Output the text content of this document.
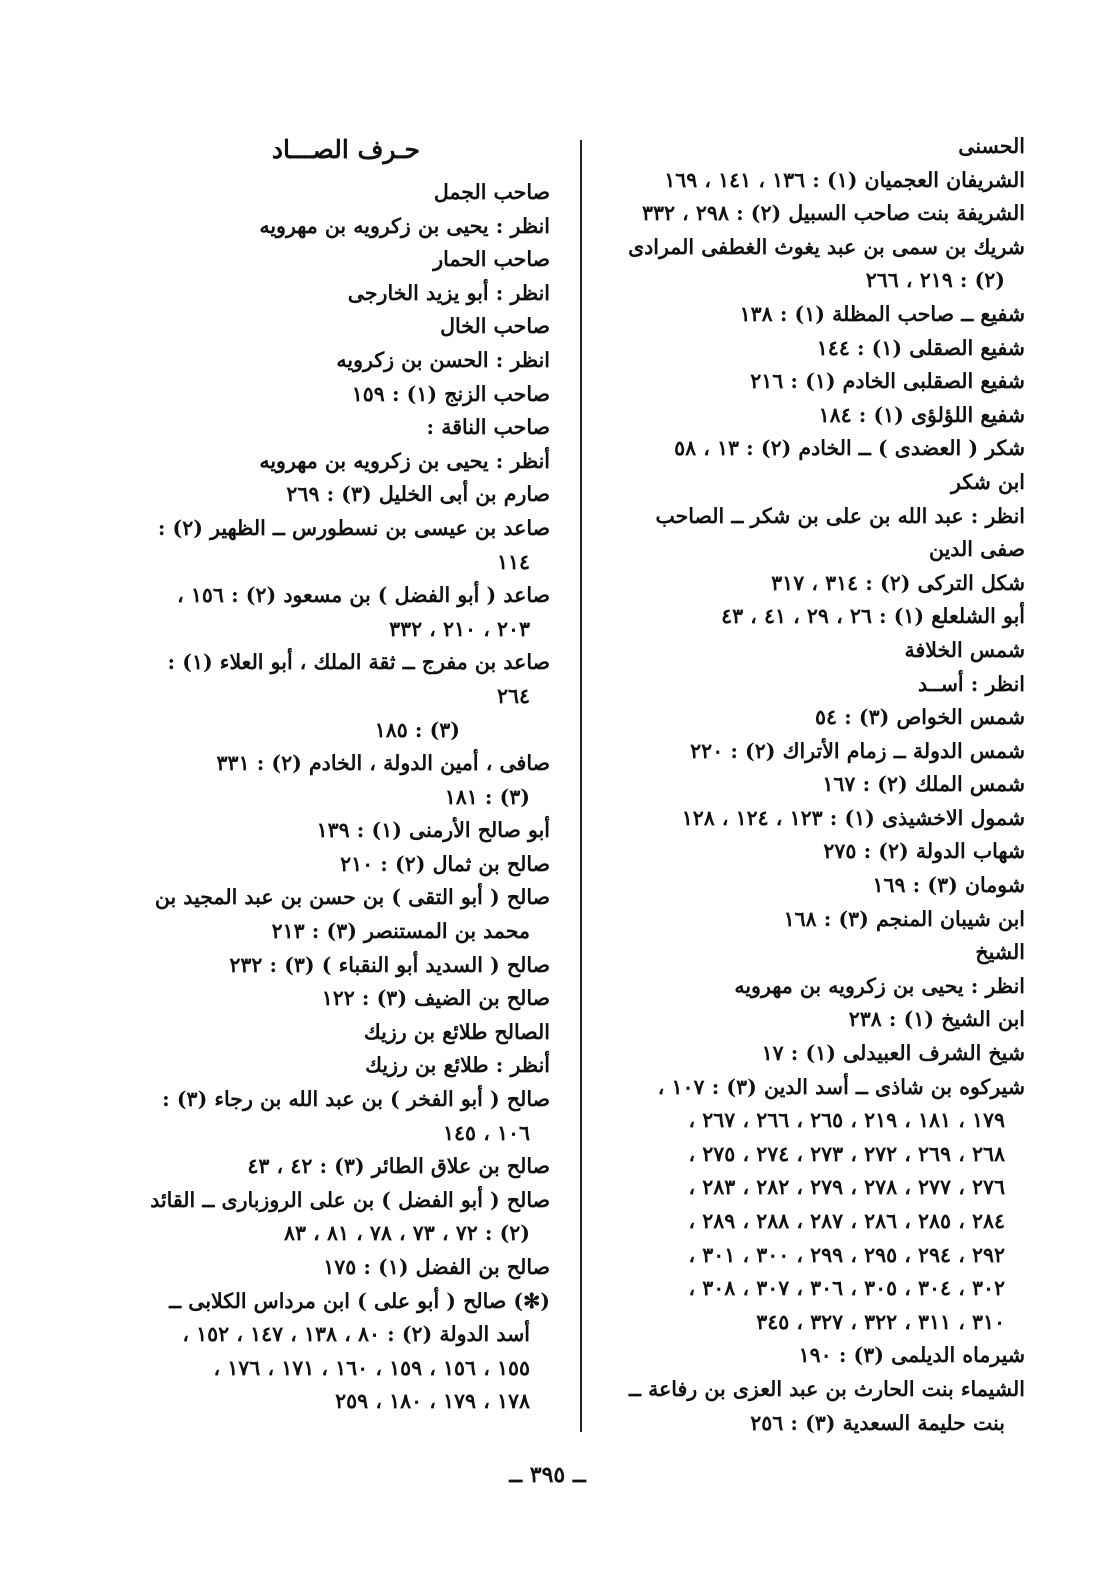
الحسنى
الشريفان العجميان (١) : ١٣٦ ، ١٤١ ، ١٦٩
الشريفة بنت صاحب السبيل (٢) : ٢٩٨ ، ٣٣٢
شريك بن سمى بن عبد يغوث الغطفى المرادى
(٢) : ٢١٩ ، ٢٦٦
شفيع ــ صاحب المظلة (١) : ١٣٨
شفيع الصقلى (١) : ١٤٤
شفيع الصقلبى الخادم (١) : ٢١٦
شفيع اللؤلؤى (١) : ١٨٤
شكر ( العضدى ) ــ الخادم (٢) : ١٣ ، ٥٨
ابن شكر
انظر : عبد الله بن على بن شكر ــ الصاحب
صفى الدين
شكل التركى (٢) : ٣١٤ ، ٣١٧
أبو الشلعلع (١) : ٢٦ ، ٢٩ ، ٤١ ، ٤٣
شمس الخلافة
انظر : أســد
شمس الخواص (٣) : ٥٤
شمس الدولة ــ زمام الأتراك (٢) : ٢٢٠
شمس الملك (٢) : ١٦٧
شمول الاخشيذى (١) : ١٢٣ ، ١٢٤ ، ١٢٨
شهاب الدولة (٢) : ٢٧٥
شومان (٣) : ١٦٩
ابن شيبان المنجم (٣) : ١٦٨
الشيخ
انظر : يحيى بن زكرويه بن مهرويه
ابن الشيخ (١) : ٢٣٨
شيخ الشرف العبيدلى (١) : ١٧
شيركوه بن شاذى ــ أسد الدين (٣) : ١٠٧ ،
١٧٩ ، ١٨١ ، ٢١٩ ، ٢٦٥ ، ٢٦٦ ، ٢٦٧ ،
٢٦٨ ، ٢٦٩ ، ٢٧٢ ، ٢٧٣ ، ٢٧٤ ، ٢٧٥ ،
٢٧٦ ، ٢٧٧ ، ٢٧٨ ، ٢٧٩ ، ٢٨٢ ، ٢٨٣ ،
٢٨٤ ، ٢٨٥ ، ٢٨٦ ، ٢٨٧ ، ٢٨٨ ، ٢٨٩ ،
٢٩٢ ، ٢٩٤ ، ٢٩٥ ، ٢٩٩ ، ٣٠٠ ، ٣٠١ ،
٣٠٢ ، ٣٠٤ ، ٣٠٥ ، ٣٠٦ ، ٣٠٧ ، ٣٠٨ ،
٣١٠ ، ٣١١ ، ٣٢٢ ، ٣٢٧ ، ٣٤٥
شيرماه الديلمى (٣) : ١٩٠
الشيماء بنت الحارث بن عبد العزى بن رفاعة ــ
بنت حليمة السعدية (٣) : ٢٥٦
حـرف الصـــاد
صاحب الجمل
انظر : يحيى بن زكرويه بن مهرويه
صاحب الحمار
انظر : أبو يزيد الخارجى
صاحب الخال
انظر : الحسن بن زكرويه
صاحب الزنج (١) : ١٥٩
صاحب الناقة :
أنظر : يحيى بن زكرويه بن مهرويه
صارم بن أبى الخليل (٣) : ٢٦٩
صاعد بن عيسى بن نسطورس ــ الظهير (٢) :
١١٤
صاعد ( أبو الفضل ) بن مسعود (٢) : ١٥٦ ،
٢٠٣ ، ٢١٠ ، ٣٣٢
صاعد بن مفرج ــ ثقة الملك ، أبو العلاء (١) :
٢٦٤
(٣) : ١٨٥
صافى ، أمين الدولة ، الخادم (٢) : ٣٣١
(٣) : ١٨١
أبو صالح الأرمنى (١) : ١٣٩
صالح بن ثمال (٢) : ٢١٠
صالح ( أبو التقى ) بن حسن بن عبد المجيد بن
محمد بن المستنصر (٣) : ٢١٣
صالح ( السديد أبو النقباء ) (٣) : ٢٣٢
صالح بن الضيف (٣) : ١٢٢
الصالح طلائع بن رزيك
أنظر : طلائع بن رزيك
صالح ( أبو الفخر ) بن عبد الله بن رجاء (٣) :
١٠٦ ، ١٤٥
صالح بن علاق الطائر (٣) : ٤٢ ، ٤٣
صالح ( أبو الفضل ) بن على الروزبارى ــ القائد
(٢) : ٧٢ ، ٧٣ ، ٧٨ ، ٨١ ، ٨٣
صالح بن الفضل (١) : ١٧٥
(✻) صالح ( أبو على ) ابن مرداس الكلابى ــ
أسد الدولة (٢) : ٨٠ ، ١٣٨ ، ١٤٧ ، ١٥٢ ،
١٥٥ ، ١٥٦ ، ١٥٩ ، ١٦٠ ، ١٧١ ، ١٧٦ ،
١٧٨ ، ١٧٩ ، ١٨٠ ، ٢٥٩
ــ ٣٩٥ ــ
